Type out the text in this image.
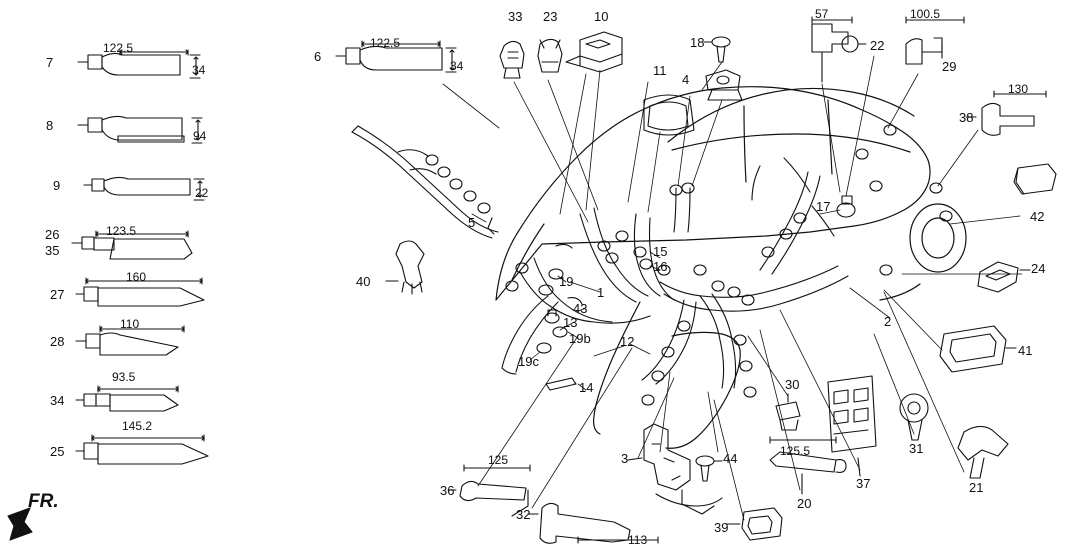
FR.
122.5
34
94
22
123.5
160
110
93.5
145.2
122.5
34
57	100.5
130
125
125.5
113
1
2
3
4
5
6
7
8
9
10
11
12
13
14
15
16
17
18
19
19b
19c
20
21
22
23
24
25
26
27
28
29
30
31
32
33
34
35
36	37
38
39
40
41
42
43
44
